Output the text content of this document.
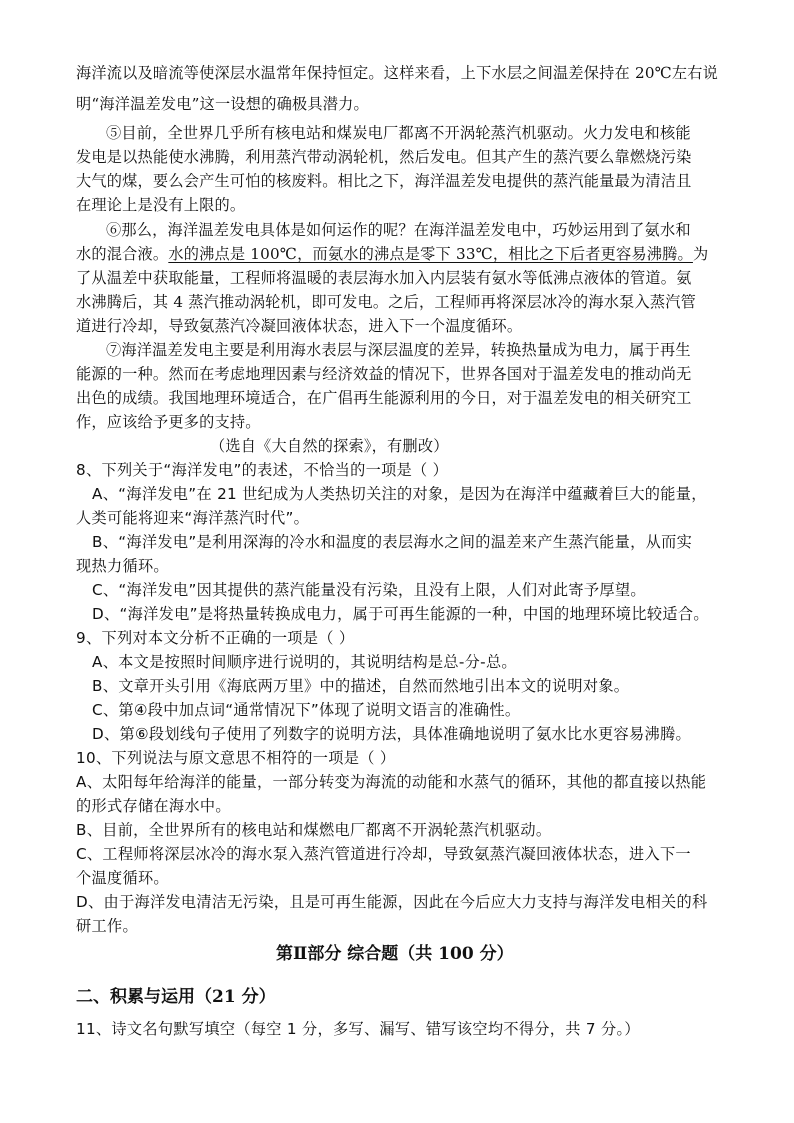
海洋流以及暗流等使深层水温常年保持恒定。这样来看，上下水层之间温差保持在 20℃左右说
明“海洋温差发电”这一设想的确极具潜力。
⑤目前，全世界几乎所有核电站和煤炭电厂都离不开涡轮蒸汽机驱动。火力发电和核能
发电是以热能使水沸腾，利用蒸汽带动涡轮机，然后发电。但其产生的蒸汽要么靠燃烧污染
大气的煤，要么会产生可怕的核废料。相比之下，海洋温差发电提供的蒸汽能量最为清洁且
在理论上是没有上限的。
⑥那么，海洋温差发电具体是如何运作的呢？在海洋温差发电中，巧妙运用到了氨水和
水的混合液。水的沸点是 100℃，而氨水的沸点是零下 33℃，相比之下后者更容易沸腾。为
了从温差中获取能量，工程师将温暖的表层海水加入内层装有氨水等低沸点液体的管道。氨
水沸腾后，其 4 蒸汽推动涡轮机，即可发电。之后，工程师再将深层冰冷的海水泵入蒸汽管
道进行冷却，导致氨蒸汽冷凝回液体状态，进入下一个温度循环。
⑦海洋温差发电主要是利用海水表层与深层温度的差异，转换热量成为电力，属于再生
能源的一种。然而在考虑地理因素与经济效益的情况下，世界各国对于温差发电的推动尚无
出色的成绩。我国地理环境适合，在广倡再生能源利用的今日，对于温差发电的相关研究工
作，应该给予更多的支持。
（选自《大自然的探索》，有删改）
8、下列关于“海洋发电”的表述，不恰当的一项是（ ）
A、“海洋发电”在 21 世纪成为人类热切关注的对象，是因为在海洋中蕴藏着巨大的能量，
人类可能将迎来“海洋蒸汽时代”。
B、“海洋发电”是利用深海的冷水和温度的表层海水之间的温差来产生蒸汽能量，从而实
现热力循环。
C、“海洋发电”因其提供的蒸汽能量没有污染，且没有上限，人们对此寄予厚望。
D、“海洋发电”是将热量转换成电力，属于可再生能源的一种，中国的地理环境比较适合。
9、下列对本文分析不正确的一项是（ ）
A、本文是按照时间顺序进行说明的，其说明结构是总-分-总。
B、文章开头引用《海底两万里》中的描述，自然而然地引出本文的说明对象。
C、第④段中加点词“通常情况下”体现了说明文语言的准确性。
D、第⑥段划线句子使用了列数字的说明方法，具体准确地说明了氨水比水更容易沸腾。
10、下列说法与原文意思不相符的一项是（ ）
A、太阳每年给海洋的能量，一部分转变为海流的动能和水蒸气的循环，其他的都直接以热能
的形式存储在海水中。
B、目前，全世界所有的核电站和煤燃电厂都离不开涡轮蒸汽机驱动。
C、工程师将深层冰冷的海水泵入蒸汽管道进行冷却，导致氨蒸汽凝回液体状态，进入下一
个温度循环。
D、由于海洋发电清洁无污染，且是可再生能源，因此在今后应大力支持与海洋发电相关的科
研工作。
第Ⅱ部分 综合题（共 100 分）
二、积累与运用（21 分）
11、诗文名句默写填空（每空 1 分，多写、漏写、错写该空均不得分，共 7 分。）
